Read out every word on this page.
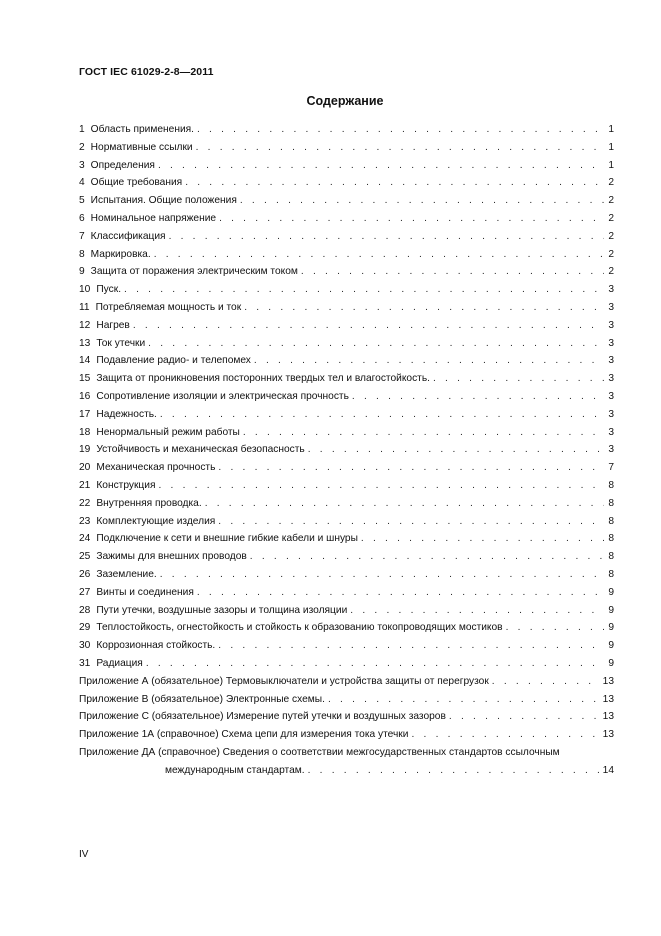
ГОСТ IEC 61029-2-8—2011
Содержание
1 Область применения. . . .	1
2 Нормативные ссылки . . .	1
3 Определения . . .	1
4 Общие требования . . .	2
5 Испытания. Общие положения . . .	2
6 Номинальное напряжение . . .	2
7 Классификация . . .	2
8 Маркировка. . . .	2
9 Защита от поражения электрическим током . . .	2
10 Пуск. . . .	3
11 Потребляемая мощность и ток . . .	3
12 Нагрев . . .	3
13 Ток утечки . . .	3
14 Подавление радио- и телепомех . . .	3
15 Защита от проникновения посторонних твердых тел и влагостойкость. . . .	3
16 Сопротивление изоляции и электрическая прочность . . .	3
17 Надежность. . . .	3
18 Ненормальный режим работы . . .	3
19 Устойчивость и механическая безопасность . . .	3
20 Механическая прочность . . .	7
21 Конструкция . . .	8
22 Внутренняя проводка. . . .	8
23 Комплектующие изделия . . .	8
24 Подключение к сети и внешние гибкие кабели и шнуры . . .	8
25 Зажимы для внешних проводов . . .	8
26 Заземление. . . .	8
27 Винты и соединения . . .	9
28 Пути утечки, воздушные зазоры и толщина изоляции . . .	9
29 Теплостойкость, огнестойкость и стойкость к образованию токопроводящих мостиков . . .	9
30 Коррозионная стойкость. . . .	9
31 Радиация . . .	9
Приложение А (обязательное) Термовыключатели и устройства защиты от перегрузок . . .	13
Приложение В (обязательное) Электронные схемы. . . .	13
Приложение С (обязательное) Измерение путей утечки и воздушных зазоров . . .	13
Приложение 1А (справочное) Схема цепи для измерения тока утечки . . .	13
Приложение ДА (справочное) Сведения о соответствии межгосударственных стандартов ссылочным
международным стандартам. . . .	14
IV
